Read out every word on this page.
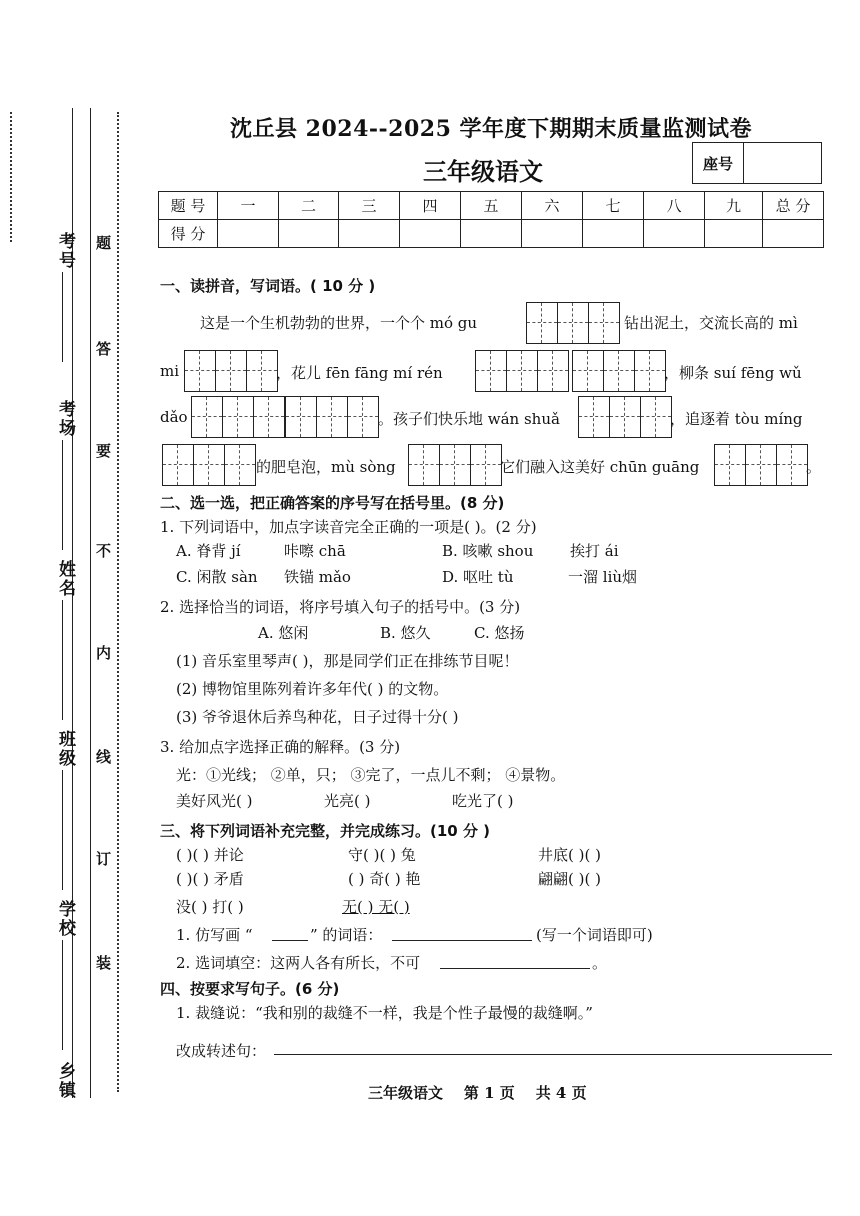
考号
考场
姓名
班级
学校
乡镇
题
答
要
不
内
线
订
装
沈丘县 2024--2025 学年度下期期末质量监测试卷
三年级语文	座号
题 号	一	二	三	四	五	六	七	八	九	总 分
得 分										
一、读拼音，写词语。( 10 分 )
这是一个生机勃勃的世界，一个个 mó gu	钻出泥土，交流长高的 mì
mi	，花儿 fēn fāng mí rén	，柳条 suí fēng wǔ
dǎo	。孩子们快乐地 wán shuǎ	，追逐着 tòu míng
的肥皂泡，mù sòng	它们融入这美好 chūn guāng	。
二、选一选，把正确答案的序号写在括号里。(8 分)
1. 下列词语中，加点字读音完全正确的一项是( )。(2 分)
A. 脊背 jí	咔嚓 chā	B. 咳嗽 shou 挨打 ái
C. 闲散 sàn 铁锚 mǎo	D. 呕吐 tù	一溜 liù烟
2. 选择恰当的词语，将序号填入句子的括号中。(3 分)
A. 悠闲	B. 悠久	C. 悠扬
(1) 音乐室里琴声( )，那是同学们正在排练节目呢！
(2) 博物馆里陈列着许多年代( ) 的文物。
(3) 爷爷退休后养鸟种花，日子过得十分( )
3. 给加点字选择正确的解释。(3 分)
光：①光线； ②单，只； ③完了，一点儿不剩； ④景物。
美好风光( )	光亮( )	吃光了( )
三、将下列词语补充完整，并完成练习。(10 分 )
( )( ) 并论	守( )( ) 兔	井底( )( )
( )( ) 矛盾	( ) 奇( ) 艳	翩翩( )( )
没( ) 打( )	无( ) 无( )
1. 仿写画 “	” 的词语：	(写一个词语即可)
2. 选词填空：这两人各有所长，不可	。
四、按要求写句子。(6 分)
1. 裁缝说：“我和别的裁缝不一样，我是个性子最慢的裁缝啊。”
改成转述句：
三年级语文 第 1 页 共 4 页
